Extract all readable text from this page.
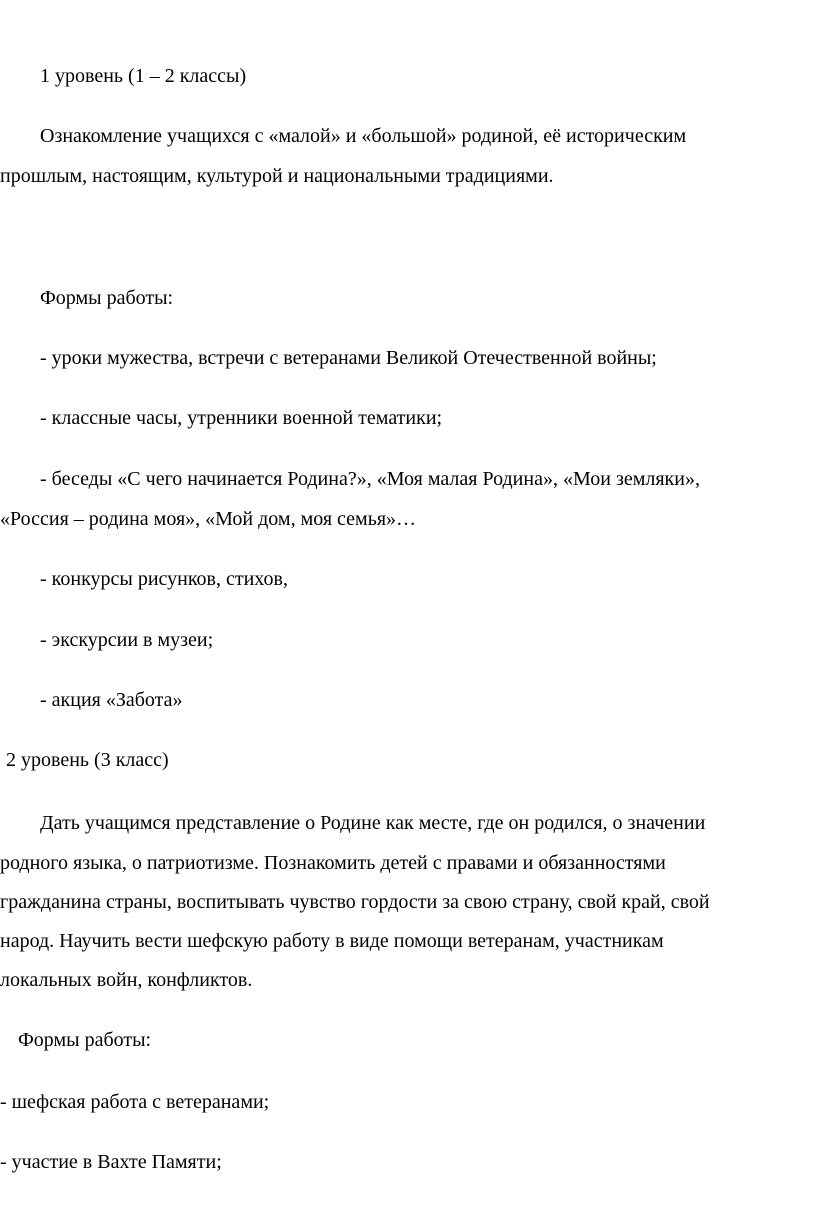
1 уровень (1 – 2 классы)
Ознакомление учащихся с «малой» и «большой» родиной, её историческим
прошлым, настоящим, культурой и национальными традициями.
Формы работы:
- уроки мужества, встречи с ветеранами Великой Отечественной войны;
- классные часы, утренники военной тематики;
- беседы «С чего начинается Родина?», «Моя малая Родина», «Мои земляки»,
«Россия – родина моя», «Мой дом, моя семья»…
- конкурсы рисунков, стихов,
- экскурсии в музеи;
- акция «Забота»
2 уровень (3 класс)
Дать учащимся представление о Родине как месте, где он родился, о значении
родного языка, о патриотизме. Познакомить детей с правами и обязанностями
гражданина страны, воспитывать чувство гордости за свою страну, свой край, свой
народ. Научить вести шефскую работу в виде помощи ветеранам, участникам
локальных войн, конфликтов.
Формы работы:
- шефская работа с ветеранами;
- участие в Вахте Памяти;
